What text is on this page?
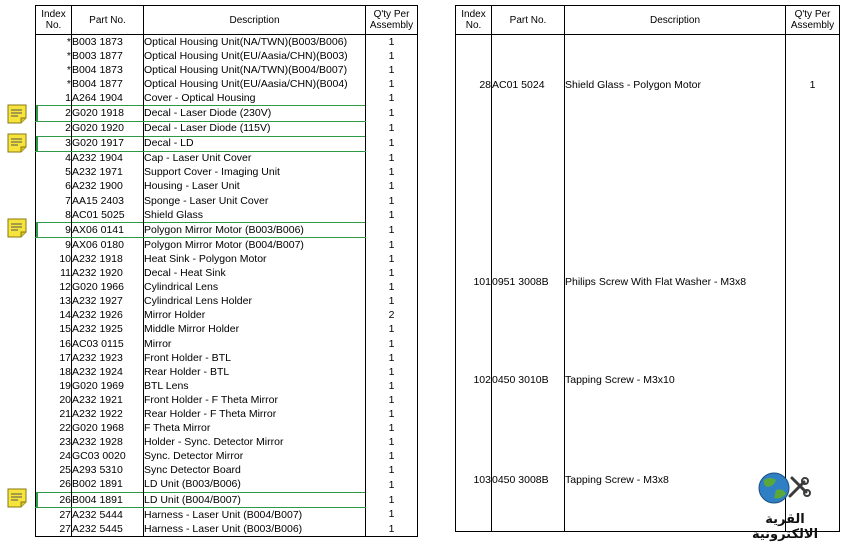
Index No.	Part No.	Description	Q'ty Per Assembly
*	B003 1873	Optical Housing Unit(NA/TWN)(B003/B006)	1
*	B003 1877	Optical Housing Unit(EU/Aasia/CHN)(B003)	1
*	B004 1873	Optical Housing Unit(NA/TWN)(B004/B007)	1
*	B004 1877	Optical Housing Unit(EU/Aasia/CHN)(B004)	1
1	A264 1904	Cover - Optical Housing	1
2	G020 1918	Decal - Laser Diode (230V)	1
2	G020 1920	Decal - Laser Diode (115V)	1
3	G020 1917	Decal - LD	1
4	A232 1904	Cap - Laser Unit Cover	1
5	A232 1971	Support Cover - Imaging Unit	1
6	A232 1900	Housing - Laser Unit	1
7	AA15 2403	Sponge - Laser Unit Cover	1
8	AC01 5025	Shield Glass	1
9	AX06 0141	Polygon Mirror Motor (B003/B006)	1
9	AX06 0180	Polygon Mirror Motor (B004/B007)	1
10	A232 1918	Heat Sink - Polygon Motor	1
11	A232 1920	Decal - Heat Sink	1
12	G020 1966	Cylindrical Lens	1
13	A232 1927	Cylindrical Lens Holder	1
14	A232 1926	Mirror Holder	2
15	A232 1925	Middle Mirror Holder	1
16	AC03 0115	Mirror	1
17	A232 1923	Front Holder - BTL	1
18	A232 1924	Rear Holder - BTL	1
19	G020 1969	BTL Lens	1
20	A232 1921	Front Holder - F Theta Mirror	1
21	A232 1922	Rear Holder - F Theta Mirror	1
22	G020 1968	F Theta Mirror	1
23	A232 1928	Holder - Sync. Detector Mirror	1
24	GC03 0020	Sync. Detector Mirror	1
25	A293 5310	Sync Detector Board	1
26	B002 1891	LD Unit (B003/B006)	1
26	B004 1891	LD Unit (B004/B007)	1
27	A232 5444	Harness - Laser Unit (B004/B007)	1
27	A232 5445	Harness - Laser Unit (B003/B006)	1
Index No.	Part No.	Description	Q'ty Per Assembly
28	AC01 5024	Shield Glass - Polygon Motor	1

101	0951 3008B	Philips Screw With Flat Washer - M3x8	
102	0450 3010B	Tapping Screw - M3x10	
103	0450 3008B	Tapping Screw - M3x8	
القرية الالكترونية
